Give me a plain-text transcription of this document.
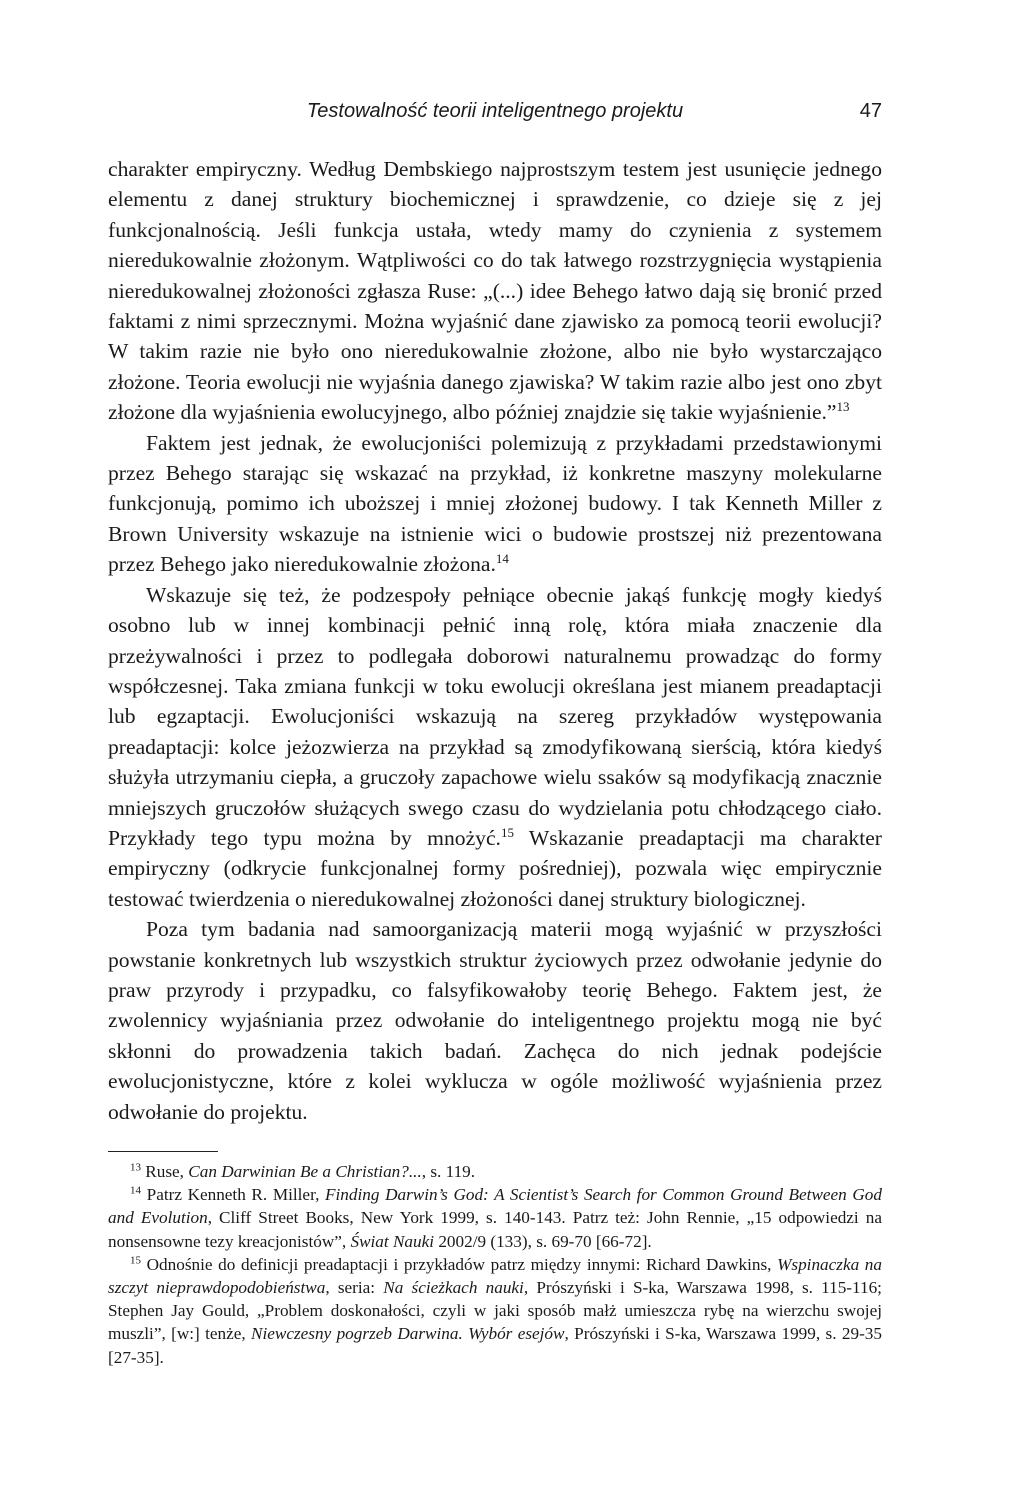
Testowalność teorii inteligentnego projektu	47

charakter empiryczny. Według Dembskiego najprostszym testem jest usunięcie jednego elementu z danej struktury biochemicznej i sprawdzenie, co dzieje się z jej funkcjonalnością. Jeśli funkcja ustała, wtedy mamy do czynienia z systemem nieredukowalnie złożonym. Wątpliwości co do tak łatwego rozstrzygnięcia wystąpienia nieredukowalnej złożoności zgłasza Ruse: „(...) idee Behego łatwo dają się bronić przed faktami z nimi sprzecznymi. Można wyjaśnić dane zjawisko za pomocą teorii ewolucji? W takim razie nie było ono nieredukowalnie złożone, albo nie było wystarczająco złożone. Teoria ewolucji nie wyjaśnia danego zjawiska? W takim razie albo jest ono zbyt złożone dla wyjaśnienia ewolucyjnego, albo później znajdzie się takie wyjaśnienie.”$^{13}$

Faktem jest jednak, że ewolucjoniści polemizują z przykładami przedstawionymi przez Behego starając się wskazać na przykład, iż konkretne maszyny molekularne funkcjonują, pomimo ich uboższej i mniej złożonej budowy. I tak Kenneth Miller z Brown University wskazuje na istnienie wici o budowie prostszej niż prezentowana przez Behego jako nieredukowalnie złożona.$^{14}$

Wskazuje się też, że podzespoły pełniące obecnie jakąś funkcję mogły kiedyś osobno lub w innej kombinacji pełnić inną rolę, która miała znaczenie dla przeżywalności i przez to podlegała doborowi naturalnemu prowadząc do formy współczesnej. Taka zmiana funkcji w toku ewolucji określana jest mianem preadaptacji lub egzaptacji. Ewolucjoniści wskazują na szereg przykładów występowania preadaptacji: kolce jeżozwierza na przykład są zmodyfikowaną sierścią, która kiedyś służyła utrzymaniu ciepła, a gruczoły zapachowe wielu ssaków są modyfikacją znacznie mniejszych gruczołów służących swego czasu do wydzielania potu chłodzącego ciało. Przykłady tego typu można by mnożyć.$^{15}$ Wskazanie preadaptacji ma charakter empiryczny (odkrycie funkcjonalnej formy pośredniej), pozwala więc empirycznie testować twierdzenia o nieredukowalnej złożoności danej struktury biologicznej.

Poza tym badania nad samoorganizacją materii mogą wyjaśnić w przyszłości powstanie konkretnych lub wszystkich struktur życiowych przez odwołanie jedynie do praw przyrody i przypadku, co falsyfikowałoby teorię Behego. Faktem jest, że zwolennicy wyjaśniania przez odwołanie do inteligentnego projektu mogą nie być skłonni do prowadzenia takich badań. Zachęca do nich jednak podejście ewolucjonistyczne, które z kolei wyklucza w ogóle możliwość wyjaśnienia przez odwołanie do projektu.

$^{13}$ Ruse, Can Darwinian Be a Christian?..., s. 119.

$^{14}$ Patrz Kenneth R. Miller, Finding Darwin’s God: A Scientist’s Search for Common Ground Between God and Evolution, Cliff Street Books, New York 1999, s. 140-143. Patrz też: John Rennie, „15 odpowiedzi na nonsensowne tezy kreacjonistów”, Świat Nauki 2002/9 (133), s. 69-70 [66-72].

$^{15}$ Odnośnie do definicji preadaptacji i przykładów patrz między innymi: Richard Dawkins, Wspinaczka na szczyt nieprawdopodobieństwa, seria: Na ścieżkach nauki, Prószyński i S-ka, Warszawa 1998, s. 115-116; Stephen Jay Gould, „Problem doskonałości, czyli w jaki sposób małż umieszcza rybę na wierzchu swojej muszli”, [w:] tenże, Niewczesny pogrzeb Darwina. Wybór esejów, Prószyński i S-ka, Warszawa 1999, s. 29-35 [27-35].
